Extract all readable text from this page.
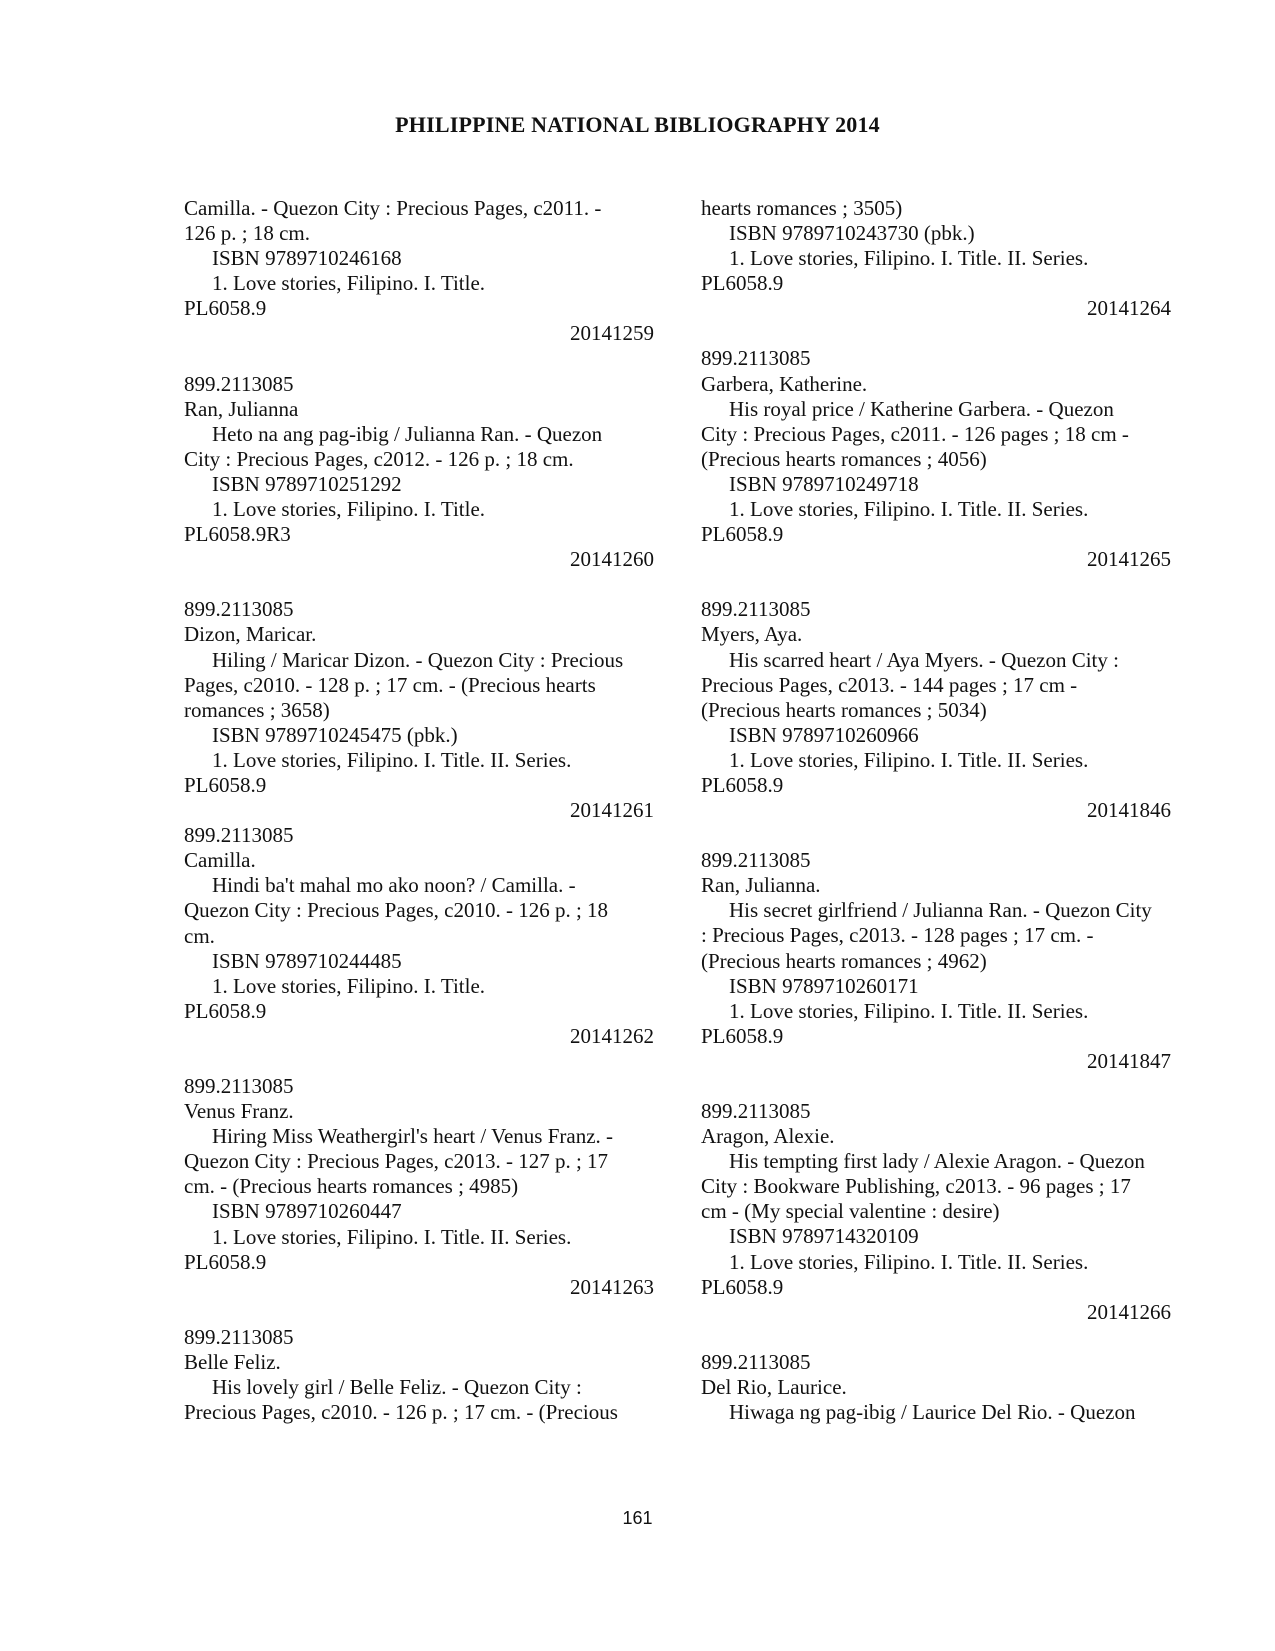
PHILIPPINE NATIONAL BIBLIOGRAPHY 2014
Camilla. - Quezon City : Precious Pages, c2011. -
126 p. ; 18 cm.
ISBN 9789710246168
1. Love stories, Filipino. I. Title.
PL6058.9
20141259
899.2113085
Ran, Julianna
Heto na ang pag-ibig / Julianna Ran. - Quezon
City : Precious Pages, c2012. - 126 p. ; 18 cm.
ISBN 9789710251292
1. Love stories, Filipino. I. Title.
PL6058.9R3
20141260
899.2113085
Dizon, Maricar.
Hiling / Maricar Dizon. - Quezon City : Precious
Pages, c2010. - 128 p. ; 17 cm. - (Precious hearts
romances ; 3658)
ISBN 9789710245475 (pbk.)
1. Love stories, Filipino. I. Title. II. Series.
PL6058.9
20141261
899.2113085
Camilla.
Hindi ba't mahal mo ako noon? / Camilla. -
Quezon City : Precious Pages, c2010. - 126 p. ; 18
cm.
ISBN 9789710244485
1. Love stories, Filipino. I. Title.
PL6058.9
20141262
899.2113085
Venus Franz.
Hiring Miss Weathergirl's heart / Venus Franz. -
Quezon City : Precious Pages, c2013. - 127 p. ; 17
cm. - (Precious hearts romances ; 4985)
ISBN 9789710260447
1. Love stories, Filipino. I. Title. II. Series.
PL6058.9
20141263
899.2113085
Belle Feliz.
His lovely girl / Belle Feliz. - Quezon City :
Precious Pages, c2010. - 126 p. ; 17 cm. - (Precious
hearts romances ; 3505)
ISBN 9789710243730 (pbk.)
1. Love stories, Filipino. I. Title. II. Series.
PL6058.9
20141264
899.2113085
Garbera, Katherine.
His royal price / Katherine Garbera. - Quezon
City : Precious Pages, c2011. - 126 pages ; 18 cm -
(Precious hearts romances ; 4056)
ISBN 9789710249718
1. Love stories, Filipino. I. Title. II. Series.
PL6058.9
20141265
899.2113085
Myers, Aya.
His scarred heart / Aya Myers. - Quezon City :
Precious Pages, c2013. - 144 pages ; 17 cm -
(Precious hearts romances ; 5034)
ISBN 9789710260966
1. Love stories, Filipino. I. Title. II. Series.
PL6058.9
20141846
899.2113085
Ran, Julianna.
His secret girlfriend / Julianna Ran. - Quezon City
: Precious Pages, c2013. - 128 pages ; 17 cm. -
(Precious hearts romances ; 4962)
ISBN 9789710260171
1. Love stories, Filipino. I. Title. II. Series.
PL6058.9
20141847
899.2113085
Aragon, Alexie.
His tempting first lady / Alexie Aragon. - Quezon
City : Bookware Publishing, c2013. - 96 pages ; 17
cm - (My special valentine : desire)
ISBN 9789714320109
1. Love stories, Filipino. I. Title. II. Series.
PL6058.9
20141266
899.2113085
Del Rio, Laurice.
Hiwaga ng pag-ibig / Laurice Del Rio. - Quezon
161
